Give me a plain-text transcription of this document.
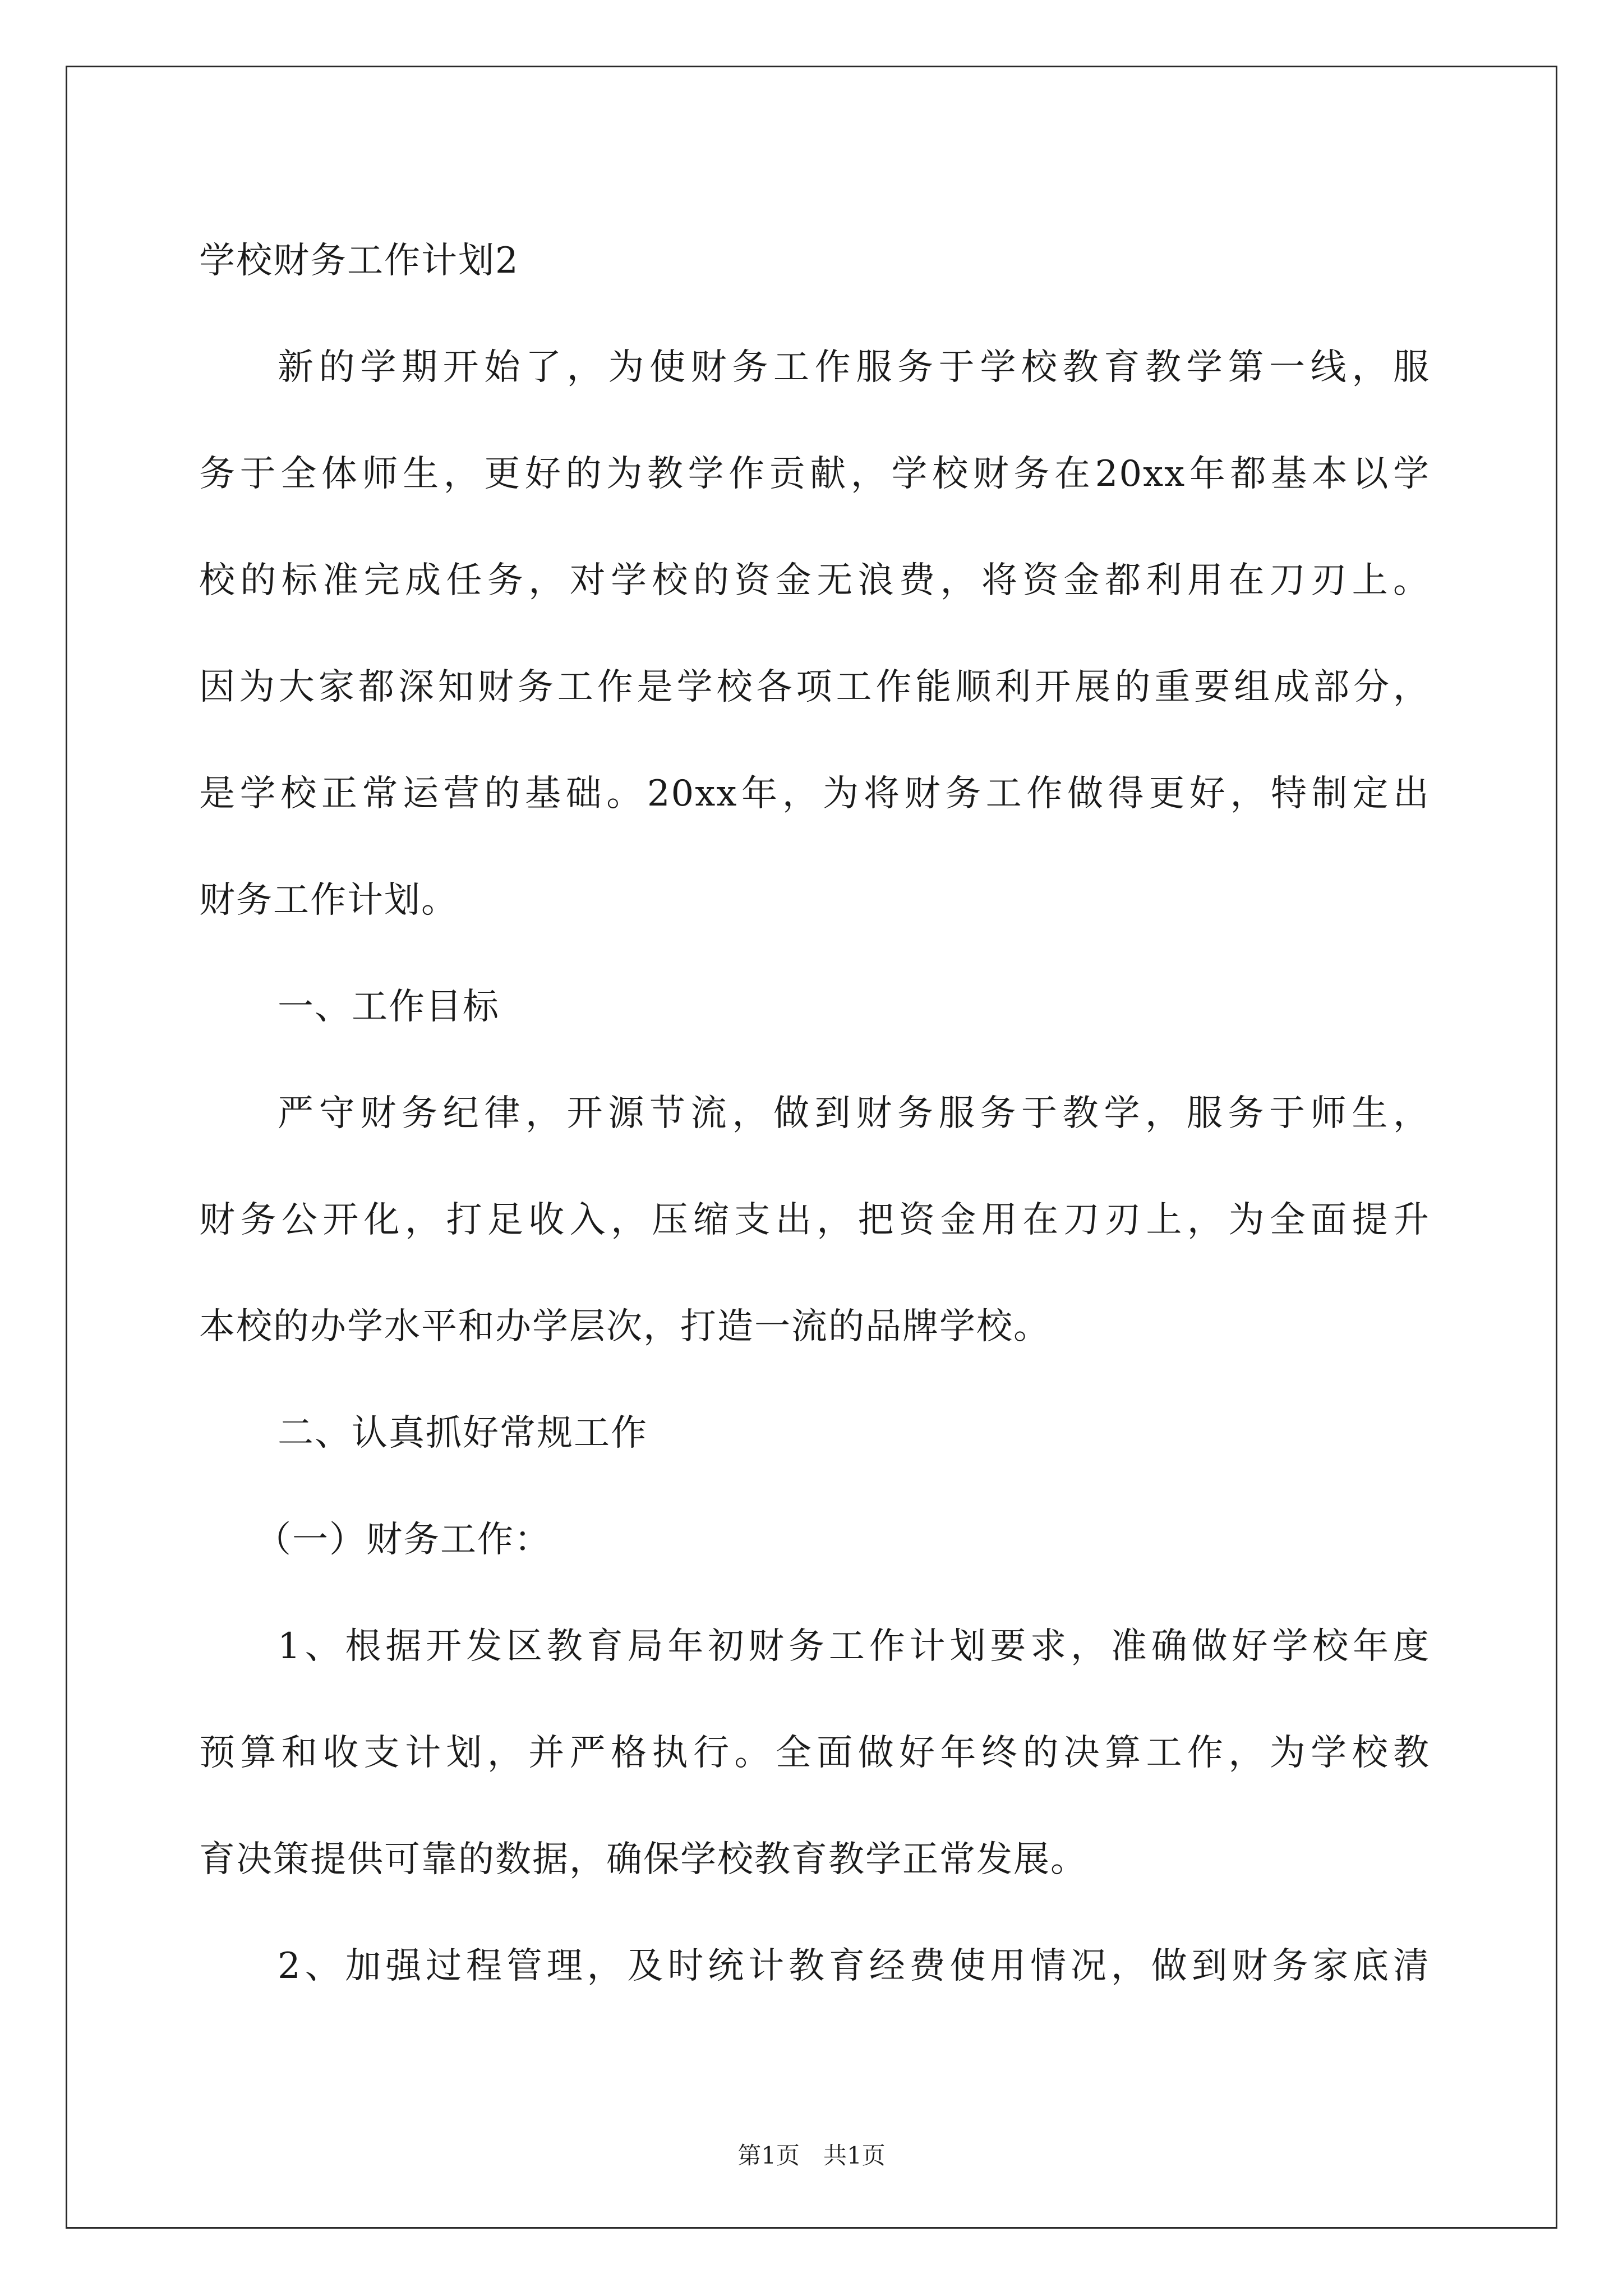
学校财务工作计划2
新的学期开始了，为使财务工作服务于学校教育教学第一线，服
务于全体师生，更好的为教学作贡献，学校财务在20xx年都基本以学
校的标准完成任务，对学校的资金无浪费，将资金都利用在刀刃上。
因为大家都深知财务工作是学校各项工作能顺利开展的重要组成部分，
是学校正常运营的基础。20xx年，为将财务工作做得更好，特制定出
财务工作计划。
一、工作目标
严守财务纪律，开源节流，做到财务服务于教学，服务于师生，
财务公开化，打足收入，压缩支出，把资金用在刀刃上，为全面提升
本校的办学水平和办学层次，打造一流的品牌学校。
二、认真抓好常规工作
（一）财务工作：
1、根据开发区教育局年初财务工作计划要求，准确做好学校年度
预算和收支计划，并严格执行。全面做好年终的决算工作，为学校教
育决策提供可靠的数据，确保学校教育教学正常发展。
2、加强过程管理，及时统计教育经费使用情况，做到财务家底清
第1页　共1页
